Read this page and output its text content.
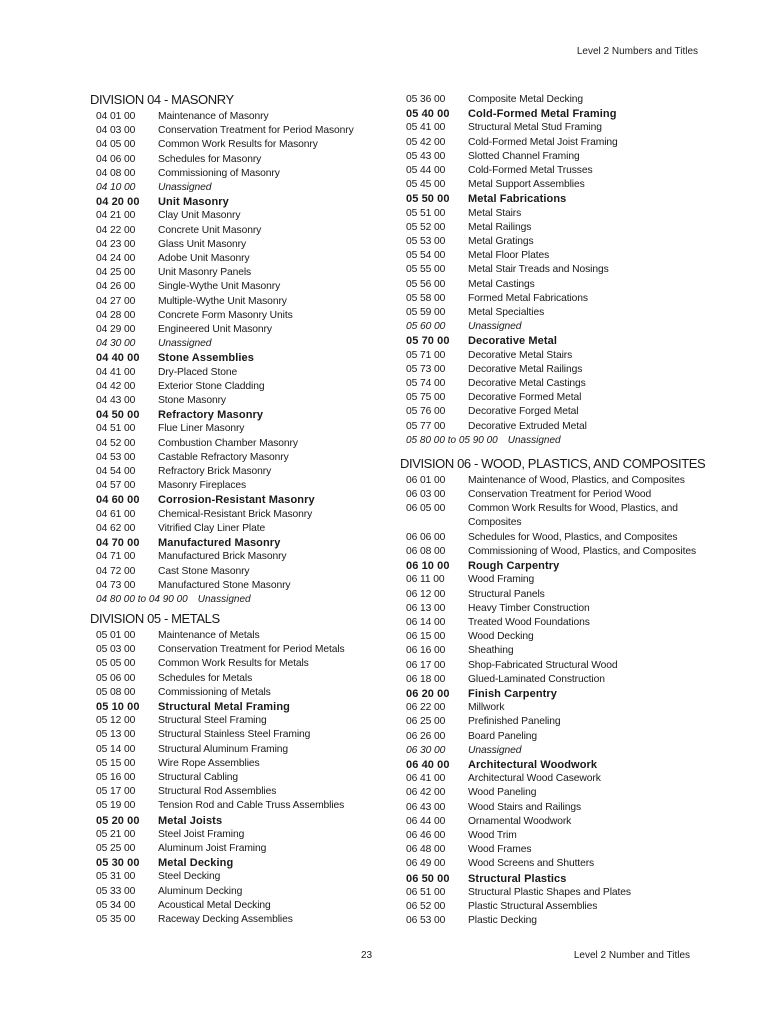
Level 2 Numbers and Titles
DIVISION 04 - MASONRY
04 01 00	Maintenance of Masonry
04 03 00	Conservation Treatment for Period Masonry
04 05 00	Common Work Results for Masonry
04 06 00	Schedules for Masonry
04 08 00	Commissioning of Masonry
04 10 00	Unassigned
04 20 00	Unit Masonry
04 21 00	Clay Unit Masonry
04 22 00	Concrete Unit Masonry
04 23 00	Glass Unit Masonry
04 24 00	Adobe Unit Masonry
04 25 00	Unit Masonry Panels
04 26 00	Single-Wythe Unit Masonry
04 27 00	Multiple-Wythe Unit Masonry
04 28 00	Concrete Form Masonry Units
04 29 00	Engineered Unit Masonry
04 30 00	Unassigned
04 40 00	Stone Assemblies
04 41 00	Dry-Placed Stone
04 42 00	Exterior Stone Cladding
04 43 00	Stone Masonry
04 50 00	Refractory Masonry
04 51 00	Flue Liner Masonry
04 52 00	Combustion Chamber Masonry
04 53 00	Castable Refractory Masonry
04 54 00	Refractory Brick Masonry
04 57 00	Masonry Fireplaces
04 60 00	Corrosion-Resistant Masonry
04 61 00	Chemical-Resistant Brick Masonry
04 62 00	Vitrified Clay Liner Plate
04 70 00	Manufactured Masonry
04 71 00	Manufactured Brick Masonry
04 72 00	Cast Stone Masonry
04 73 00	Manufactured Stone Masonry
04 80 00 to 04 90 00 Unassigned
DIVISION 05 - METALS
05 01 00	Maintenance of Metals
05 03 00	Conservation Treatment for Period Metals
05 05 00	Common Work Results for Metals
05 06 00	Schedules for Metals
05 08 00	Commissioning of Metals
05 10 00	Structural Metal Framing
05 12 00	Structural Steel Framing
05 13 00	Structural Stainless Steel Framing
05 14 00	Structural Aluminum Framing
05 15 00	Wire Rope Assemblies
05 16 00	Structural Cabling
05 17 00	Structural Rod Assemblies
05 19 00	Tension Rod and Cable Truss Assemblies
05 20 00	Metal Joists
05 21 00	Steel Joist Framing
05 25 00	Aluminum Joist Framing
05 30 00	Metal Decking
05 31 00	Steel Decking
05 33 00	Aluminum Decking
05 34 00	Acoustical Metal Decking
05 35 00	Raceway Decking Assemblies
05 36 00	Composite Metal Decking
05 40 00	Cold-Formed Metal Framing
05 41 00	Structural Metal Stud Framing
05 42 00	Cold-Formed Metal Joist Framing
05 43 00	Slotted Channel Framing
05 44 00	Cold-Formed Metal Trusses
05 45 00	Metal Support Assemblies
05 50 00	Metal Fabrications
05 51 00	Metal Stairs
05 52 00	Metal Railings
05 53 00	Metal Gratings
05 54 00	Metal Floor Plates
05 55 00	Metal Stair Treads and Nosings
05 56 00	Metal Castings
05 58 00	Formed Metal Fabrications
05 59 00	Metal Specialties
05 60 00	Unassigned
05 70 00	Decorative Metal
05 71 00	Decorative Metal Stairs
05 73 00	Decorative Metal Railings
05 74 00	Decorative Metal Castings
05 75 00	Decorative Formed Metal
05 76 00	Decorative Forged Metal
05 77 00	Decorative Extruded Metal
05 80 00 to 05 90 00 Unassigned
DIVISION 06 - WOOD, PLASTICS, AND COMPOSITES
06 01 00	Maintenance of Wood, Plastics, and Composites
06 03 00	Conservation Treatment for Period Wood
06 05 00	Common Work Results for Wood, Plastics, and Composites
06 06 00	Schedules for Wood, Plastics, and Composites
06 08 00	Commissioning of Wood, Plastics, and Composites
06 10 00	Rough Carpentry
06 11 00	Wood Framing
06 12 00	Structural Panels
06 13 00	Heavy Timber Construction
06 14 00	Treated Wood Foundations
06 15 00	Wood Decking
06 16 00	Sheathing
06 17 00	Shop-Fabricated Structural Wood
06 18 00	Glued-Laminated Construction
06 20 00	Finish Carpentry
06 22 00	Millwork
06 25 00	Prefinished Paneling
06 26 00	Board Paneling
06 30 00	Unassigned
06 40 00	Architectural Woodwork
06 41 00	Architectural Wood Casework
06 42 00	Wood Paneling
06 43 00	Wood Stairs and Railings
06 44 00	Ornamental Woodwork
06 46 00	Wood Trim
06 48 00	Wood Frames
06 49 00	Wood Screens and Shutters
06 50 00	Structural Plastics
06 51 00	Structural Plastic Shapes and Plates
06 52 00	Plastic Structural Assemblies
06 53 00	Plastic Decking
23	Level 2 Number and Titles
